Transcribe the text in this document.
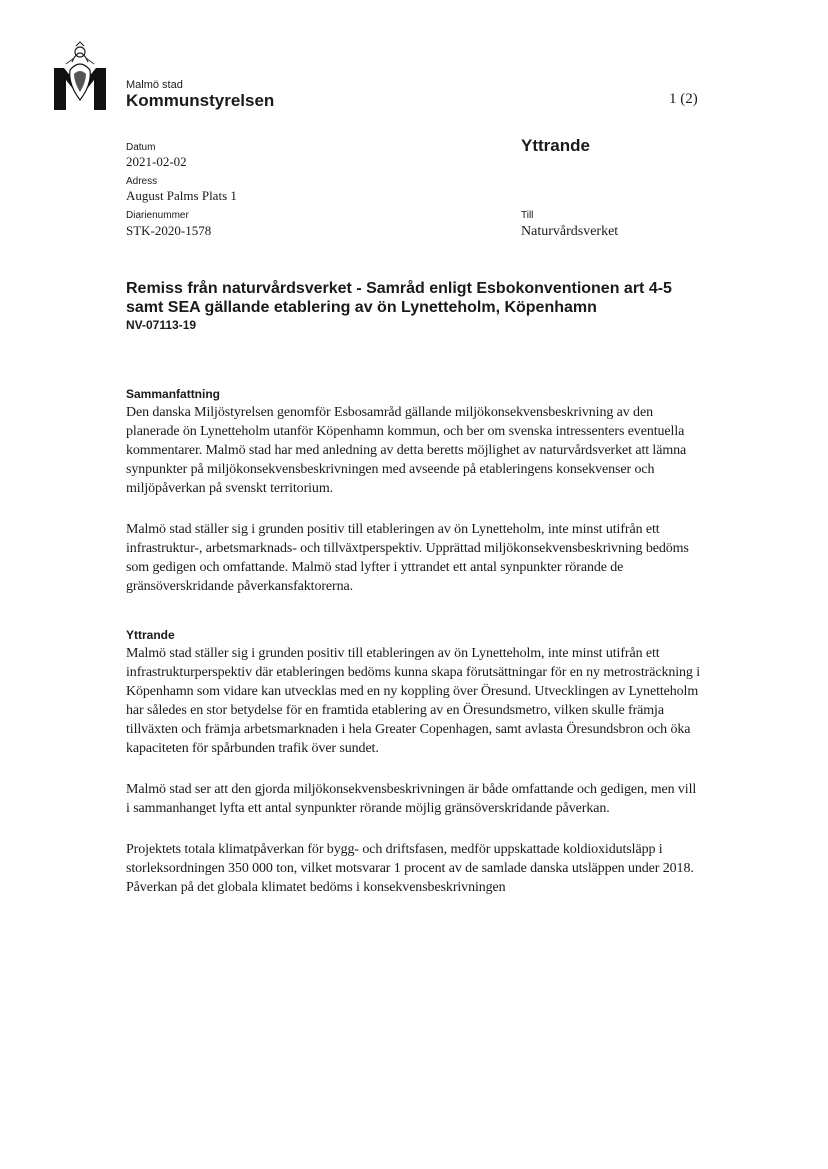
Malmö stad
Kommunstyrelsen	1 (2)
Datum
2021-02-02
Adress
August Palms Plats 1
Diarienummer
STK-2020-1578
Yttrande
Till
Naturvårdsverket
Remiss från naturvårdsverket - Samråd enligt Esbokonventionen art 4-5
samt SEA gällande etablering av ön Lynetteholm, Köpenhamn
NV-07113-19
Sammanfattning

Den danska Miljöstyrelsen genomför Esbosamråd gällande miljökonsekvensbeskrivning av den planerade ön Lynetteholm utanför Köpenhamn kommun, och ber om svenska intressenters eventuella kommentarer. Malmö stad har med anledning av detta beretts möjlighet av naturvårdsverket att lämna synpunkter på miljökonsekvensbeskrivningen med avseende på etableringens konsekvenser och miljöpåverkan på svenskt territorium.

Malmö stad ställer sig i grunden positiv till etableringen av ön Lynetteholm, inte minst utifrån ett infrastruktur-, arbetsmarknads- och tillväxtperspektiv. Upprättad miljökonsekvensbeskrivning bedöms som gedigen och omfattande. Malmö stad lyfter i yttrandet ett antal synpunkter rörande de gränsöverskridande påverkansfaktorerna.

Yttrande

Malmö stad ställer sig i grunden positiv till etableringen av ön Lynetteholm, inte minst utifrån ett infrastrukturperspektiv där etableringen bedöms kunna skapa förutsättningar för en ny metrosträckning i Köpenhamn som vidare kan utvecklas med en ny koppling över Öresund. Utvecklingen av Lynetteholm har således en stor betydelse för en framtida etablering av en Öresundsmetro, vilken skulle främja tillväxten och främja arbetsmarknaden i hela Greater Copenhagen, samt avlasta Öresundsbron och öka kapaciteten för spårbunden trafik över sundet.

Malmö stad ser att den gjorda miljökonsekvensbeskrivningen är både omfattande och gedigen, men vill i sammanhanget lyfta ett antal synpunkter rörande möjlig gränsöverskridande påverkan.

Projektets totala klimatpåverkan för bygg- och driftsfasen, medför uppskattade koldioxidutsläpp i storleksordningen 350 000 ton, vilket motsvarar 1 procent av de samlade danska utsläppen under 2018. Påverkan på det globala klimatet bedöms i konsekvensbeskrivningen
